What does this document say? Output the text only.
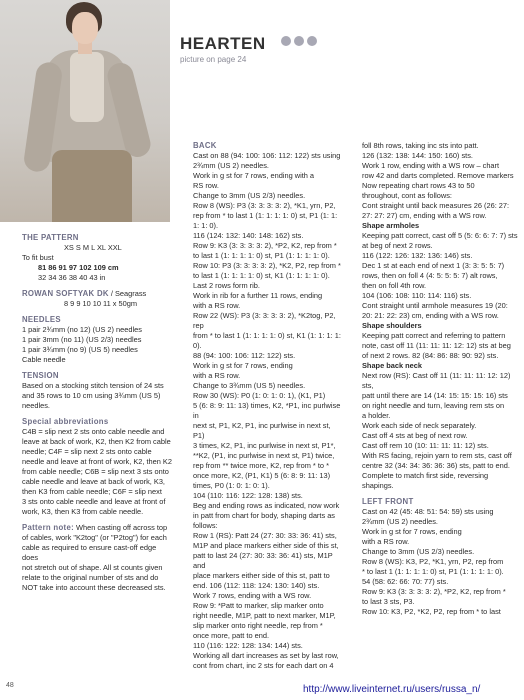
HEARTEN
picture on page 24

THE PATTERN

XS S M L XL XXL

To fit bust

81 86 91 97 102 109 cm

32 34 36 38 40 43 in

ROWAN SOFTYAK DK / Seagrass

8 9 9 10 10 11 x 50gm

NEEDLES

1 pair 2¾mm (no 12) (US 2) needles

1 pair 3mm (no 11) (US 2/3) needles

1 pair 3¾mm (no 9) (US 5) needles

Cable needle

TENSION

Based on a stocking stitch tension of 24 sts

and 35 rows to 10 cm using 3¾mm (US 5)

needles.

Special abbreviations

C4B = slip next 2 sts onto cable needle and

leave at back of work, K2, then K2 from cable

needle; C4F = slip next 2 sts onto cable

needle and leave at front of work, K2, then K2

from cable needle; C6B = slip next 3 sts onto

cable needle and leave at back of work, K3,

then K3 from cable needle; C6F = slip next

3 sts onto cable needle and leave at front of

work, K3, then K3 from cable needle.

Pattern note: When casting off across top

of cables, work "K2tog" (or "P2tog") for each

cable as required to ensure cast-off edge does

not stretch out of shape. All st counts given

relate to the original number of sts and do

NOT take into account these decreased sts.

BACK

Cast on 88 (94: 100: 106: 112: 122) sts using

2¾mm (US 2) needles.

Work in g st for 7 rows, ending with a

RS row.

Change to 3mm (US 2/3) needles.

Row 8 (WS): P3 (3: 3: 3: 3: 2), *K1, yrn, P2,

rep from * to last 1 (1: 1: 1: 1: 0) st, P1 (1: 1: 1: 1: 0).

116 (124: 132: 140: 148: 162) sts.

Row 9: K3 (3: 3: 3: 3: 2), *P2, K2, rep from *

to last 1 (1: 1: 1: 1: 0) st, P1 (1: 1: 1: 1: 0).

Row 10: P3 (3: 3: 3: 3: 2), *K2, P2, rep from *

to last 1 (1: 1: 1: 1: 0) st, K1 (1: 1: 1: 1: 0).

Last 2 rows form rib.

Work in rib for a further 11 rows, ending

with a RS row.

Row 22 (WS): P3 (3: 3: 3: 3: 2), *K2tog, P2, rep

from * to last 1 (1: 1: 1: 1: 0) st, K1 (1: 1: 1: 1: 0).

88 (94: 100: 106: 112: 122) sts.

Work in g st for 7 rows, ending

with a RS row.

Change to 3¾mm (US 5) needles.

Row 30 (WS): P0 (1: 0: 1: 0: 1), (K1, P1)

5 (6: 8: 9: 11: 13) times, K2, *P1, inc purlwise in

next st, P1, K2, P1, inc purlwise in next st, P1)

3 times, K2, P1, inc purlwise in next st, P1*,

**K2, (P1, inc purlwise in next st, P1) twice,

rep from ** twice more, K2, rep from * to *

once more, K2, (P1, K1) 5 (6: 8: 9: 11: 13)

times, P0 (1: 0: 1: 0: 1).

104 (110: 116: 122: 128: 138) sts.

Beg and ending rows as indicated, now work

in patt from chart for body, shaping darts as

follows:

Row 1 (RS): Patt 24 (27: 30: 33: 36: 41) sts,

M1P and place markers either side of this st,

patt to last 24 (27: 30: 33: 36: 41) sts, M1P and

place markers either side of this st, patt to

end. 106 (112: 118: 124: 130: 140) sts.

Work 7 rows, ending with a WS row.

Row 9: *Patt to marker, slip marker onto

right needle, M1P, patt to next marker, M1P,

slip marker onto right needle, rep from *

once more, patt to end.

110 (116: 122: 128: 134: 144) sts.

Working all dart increases as set by last row,

cont from chart, inc 2 sts for each dart on 4

foll 8th rows, taking inc sts into patt.

126 (132: 138: 144: 150: 160) sts.

Work 1 row, ending with a WS row – chart

row 42 and darts completed. Remove markers

Now repeating chart rows 43 to 50

throughout, cont as follows:

Cont straight until back measures 26 (26: 27:

27: 27: 27) cm, ending with a WS row.

Shape armholes

Keeping patt correct, cast off 5 (5: 6: 6: 7: 7) sts

at beg of next 2 rows.

116 (122: 126: 132: 136: 146) sts.

Dec 1 st at each end of next 1 (3: 3: 5: 5: 7)

rows, then on foll 4 (4: 5: 5: 5: 7) alt rows,

then on foll 4th row.

104 (106: 108: 110: 114: 116) sts.

Cont straight until armhole measures 19 (20:

20: 21: 22: 23) cm, ending with a WS row.

Shape shoulders

Keeping patt correct and referring to pattern

note, cast off 11 (11: 11: 11: 12: 12) sts at beg

of next 2 rows. 82 (84: 86: 88: 90: 92) sts.

Shape back neck

Next row (RS): Cast off 11 (11: 11: 11: 12: 12) sts,

patt until there are 14 (14: 15: 15: 15: 16) sts

on right needle and turn, leaving rem sts on

a holder.

Work each side of neck separately.

Cast off 4 sts at beg of next row.

Cast off rem 10 (10: 11: 11: 11: 12) sts.

With RS facing, rejoin yarn to rem sts, cast off

centre 32 (34: 34: 36: 36: 36) sts, patt to end.

Complete to match first side, reversing

shapings.

LEFT FRONT

Cast on 42 (45: 48: 51: 54: 59) sts using

2¾mm (US 2) needles.

Work in g st for 7 rows, ending

with a RS row.

Change to 3mm (US 2/3) needles.

Row 8 (WS): K3, P2, *K1, yrn, P2, rep from

* to last 1 (1: 1: 1: 1: 0) st, P1 (1: 1: 1: 1: 0).

54 (58: 62: 66: 70: 77) sts.

Row 9: K3 (3: 3: 3: 3: 2), *P2, K2, rep from *

to last 3 sts, P3.

Row 10: K3, P2, *K2, P2, rep from * to last

48	http://www.liveinternet.ru/users/russa_n/
